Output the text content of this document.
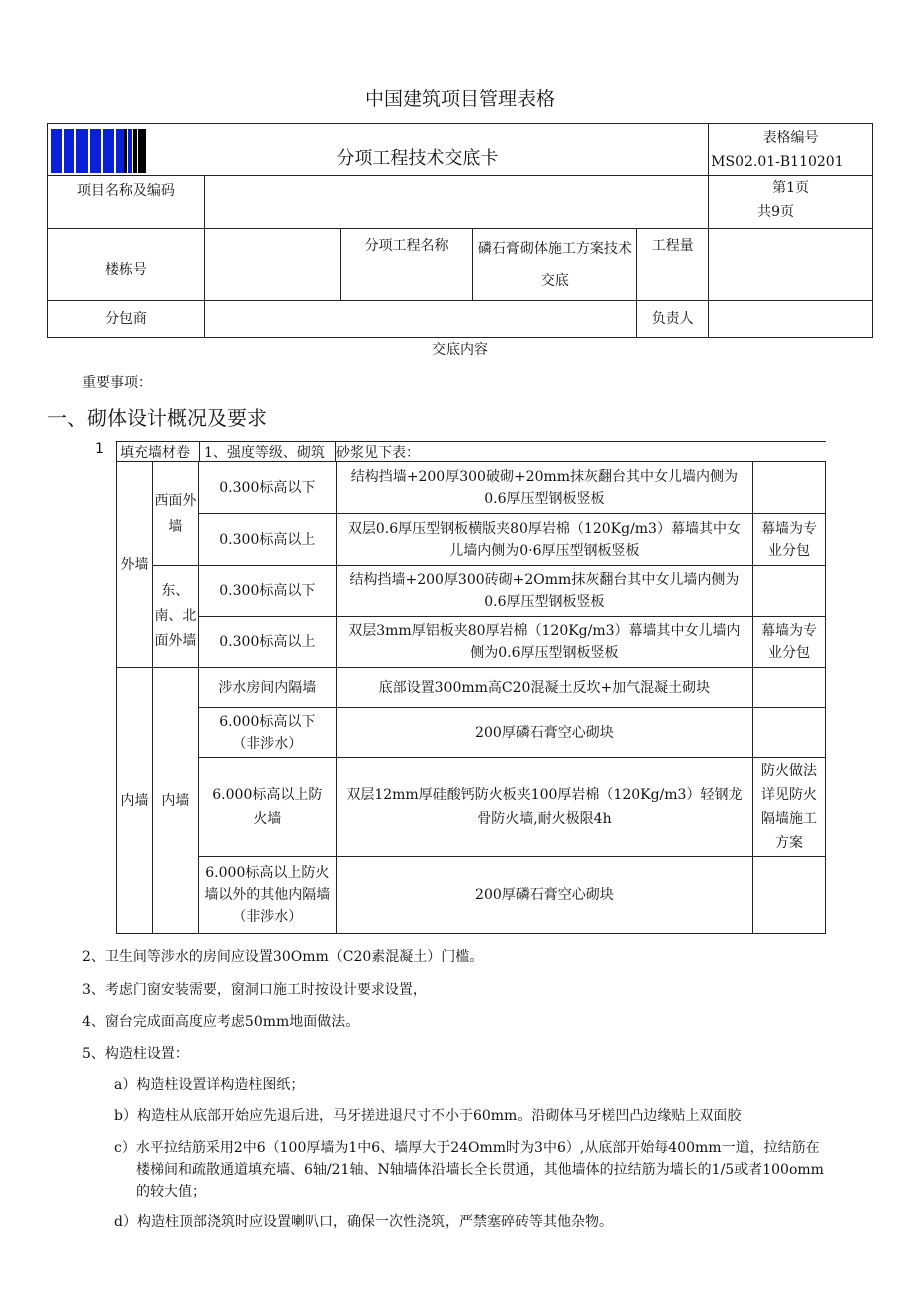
中国建筑项目管理表格
	分项工程技术交底卡				表格编号
MS02.01-B110201

项目名称及编码					第1页
共9页

楼栋号		分项工程名称	磷石膏砌体施工方案技术
交底	工程量	
分包商				负责人	
交底内容
重要事项：
一、砌体设计概况及要求
1 填充墙材卷 1、强度等级、砌筑 砂浆见下表：
外墙	西面外墙	0.300标高以下	结构挡墙+200厚300破砌+20mm抹灰翻台其中女儿墙内侧为0.6厚压型钢板竖板	
		0.300标高以上	双层0.6厚压型钢板横版夹80厚岩棉（120Kg/m3）幕墙其中女儿墙内侧为0·6厚压型钢板竖板	幕墙为专业分包
	东、南、北面外墙	0.300标高以下	结构挡墙+200厚300砖砌+2Omm抹灰翻台其中女儿墙内侧为0.6厚压型钢板竖板	
		0.300标高以上	双层3mm厚铝板夹80厚岩棉（120Kg/m3）幕墙其中女儿墙内侧为0.6厚压型钢板竖板	幕墙为专业分包
内墙	内墙	涉水房间内隔墙	底部设置300mm高C20混凝土反坎+加气混凝土砌块	
		6.000标高以下（非涉水）	200厚磷石膏空心砌块	
		6.000标高以上防火墙	双层12mm厚硅酸钙防火板夹100厚岩棉（120Kg/m3）轻钢龙骨防火墙,耐火极限4h	防火做法详见防火隔墙施工方案
		6.000标高以上防火墙以外的其他内隔墙（非涉水）	200厚磷石膏空心砌块	
2、卫生间等涉水的房间应设置30Omm（C20素混凝土）门槛。
3、考虑门窗安装需要，窗洞口施工时按设计要求设置，
4、窗台完成面高度应考虑50mm地面做法。
5、构造柱设置：
a）构造柱设置详构造柱图纸；
b）构造柱从底部开始应先退后进，马牙搓进退尺寸不小于60mm。沿砌体马牙槎凹凸边缘贴上双面胶
c）水平拉结筋采用2中6（100厚墙为1中6、墙厚大于24Omm时为3中6）,从底部开始每400mm一道，拉结筋在
楼梯间和疏散通道填充墙、6轴/21轴、N轴墙体沿墙长全长贯通，其他墙体的拉结筋为墙长的1/5或者100omm
的较大值；
d）构造柱顶部浇筑时应设置喇叭口，确保一次性浇筑，严禁塞碎砖等其他杂物。
